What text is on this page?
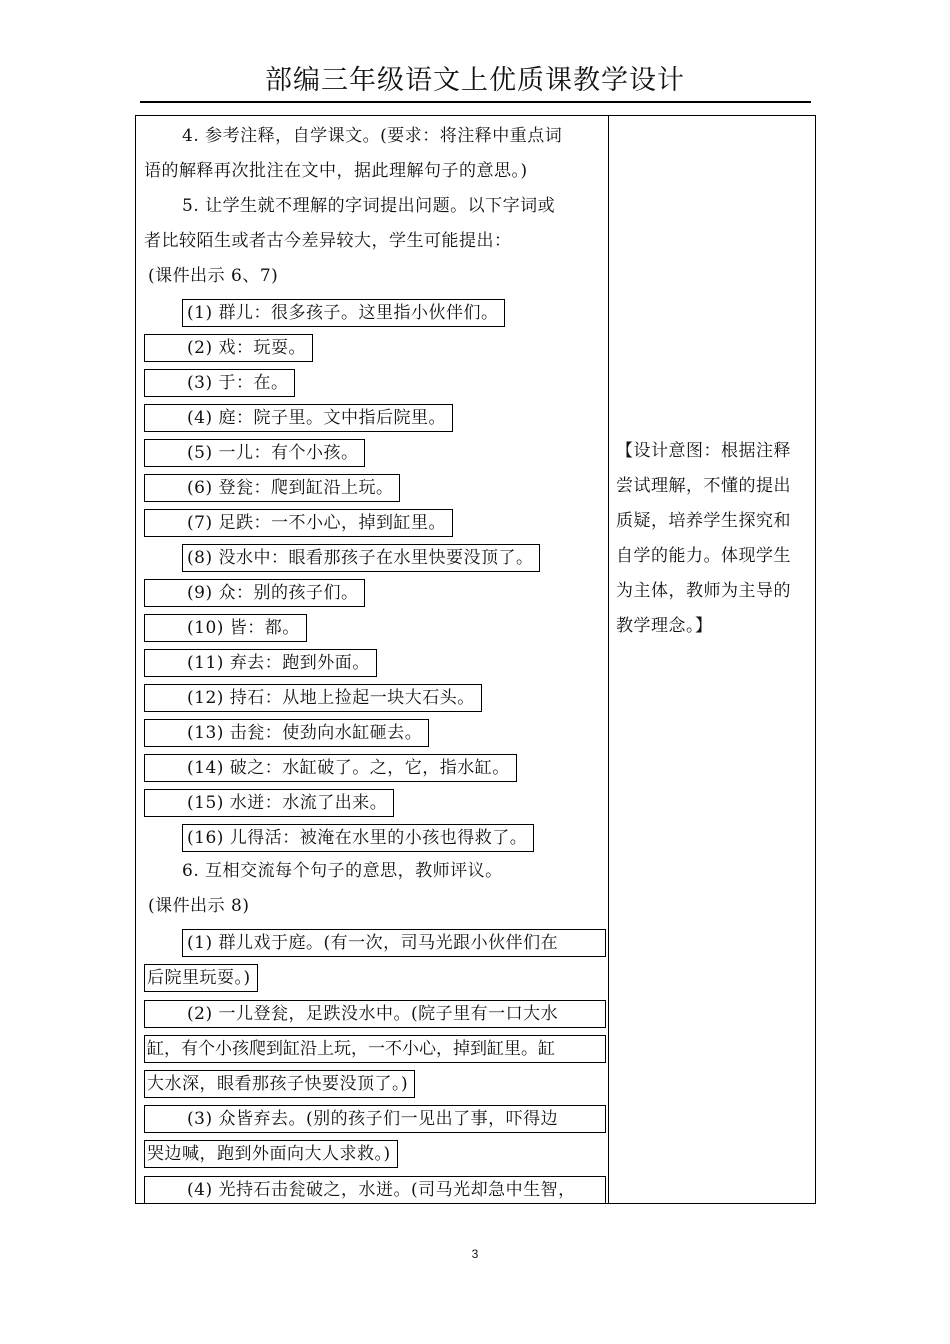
部编三年级语文上优质课教学设计
4. 参考注释，自学课文。(要求：将注释中重点词
语的解释再次批注在文中，据此理解句子的意思。)
5. 让学生就不理解的字词提出问题。以下字词或
者比较陌生或者古今差异较大，学生可能提出：
(课件出示 6、7)
(1) 群儿：很多孩子。这里指小伙伴们。
(2) 戏：玩耍。
(3) 于：在。
(4) 庭：院子里。文中指后院里。
(5) 一儿：有个小孩。
(6) 登瓮：爬到缸沿上玩。
(7) 足跌：一不小心，掉到缸里。
(8) 没水中：眼看那孩子在水里快要没顶了。
(9) 众：别的孩子们。
(10) 皆：都。
(11) 弃去：跑到外面。
(12) 持石：从地上捡起一块大石头。
(13) 击瓮：使劲向水缸砸去。
(14) 破之：水缸破了。之，它，指水缸。
(15) 水迸：水流了出来。
(16) 儿得活：被淹在水里的小孩也得救了。
6. 互相交流每个句子的意思，教师评议。
(课件出示 8)
(1) 群儿戏于庭。(有一次，司马光跟小伙伴们在
后院里玩耍。)
(2) 一儿登瓮，足跌没水中。(院子里有一口大水
缸，有个小孩爬到缸沿上玩，一不小心，掉到缸里。缸
大水深，眼看那孩子快要没顶了。)
(3) 众皆弃去。(别的孩子们一见出了事，吓得边
哭边喊，跑到外面向大人求救。)
(4) 光持石击瓮破之，水迸。(司马光却急中生智，
【设计意图：根据注释
尝试理解，不懂的提出
质疑，培养学生探究和
自学的能力。体现学生
为主体，教师为主导的
教学理念。】
3
